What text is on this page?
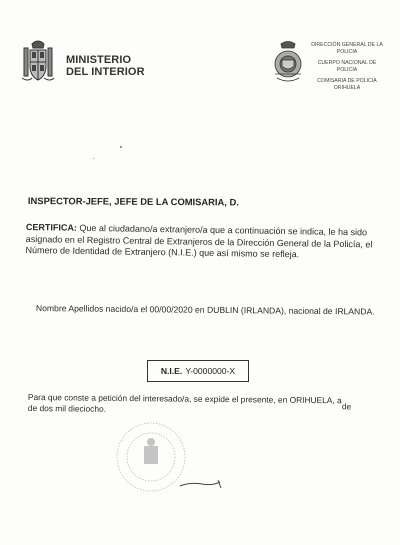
MINISTERIO
DEL INTERIOR
DIRECCIÓN GENERAL DE LA
POLICIA
CUERPO NACIONAL DE
POLICIA
COMISARIA DE POLICIA
ORIHUELA
INSPECTOR-JEFE, JEFE DE LA COMISARIA, D.
CERTIFICA: Que al ciudadano/a extranjero/a que a continuación se indica, le ha sido asignado en el Registro Central de Extranjeros de la Dirección General de la Policía, el Número de Identidad de Extranjero (N.I.E.) que así mismo se refleja.
Nombre Apellidos nacido/a el 00/00/2020 en DUBLIN (IRLANDA), nacional de IRLANDA.
N.I.E. Y-0000000-X
Para que conste a petición del interesado/a, se expide el presente, en ORIHUELA, a
de
de dos mil dieciocho.
